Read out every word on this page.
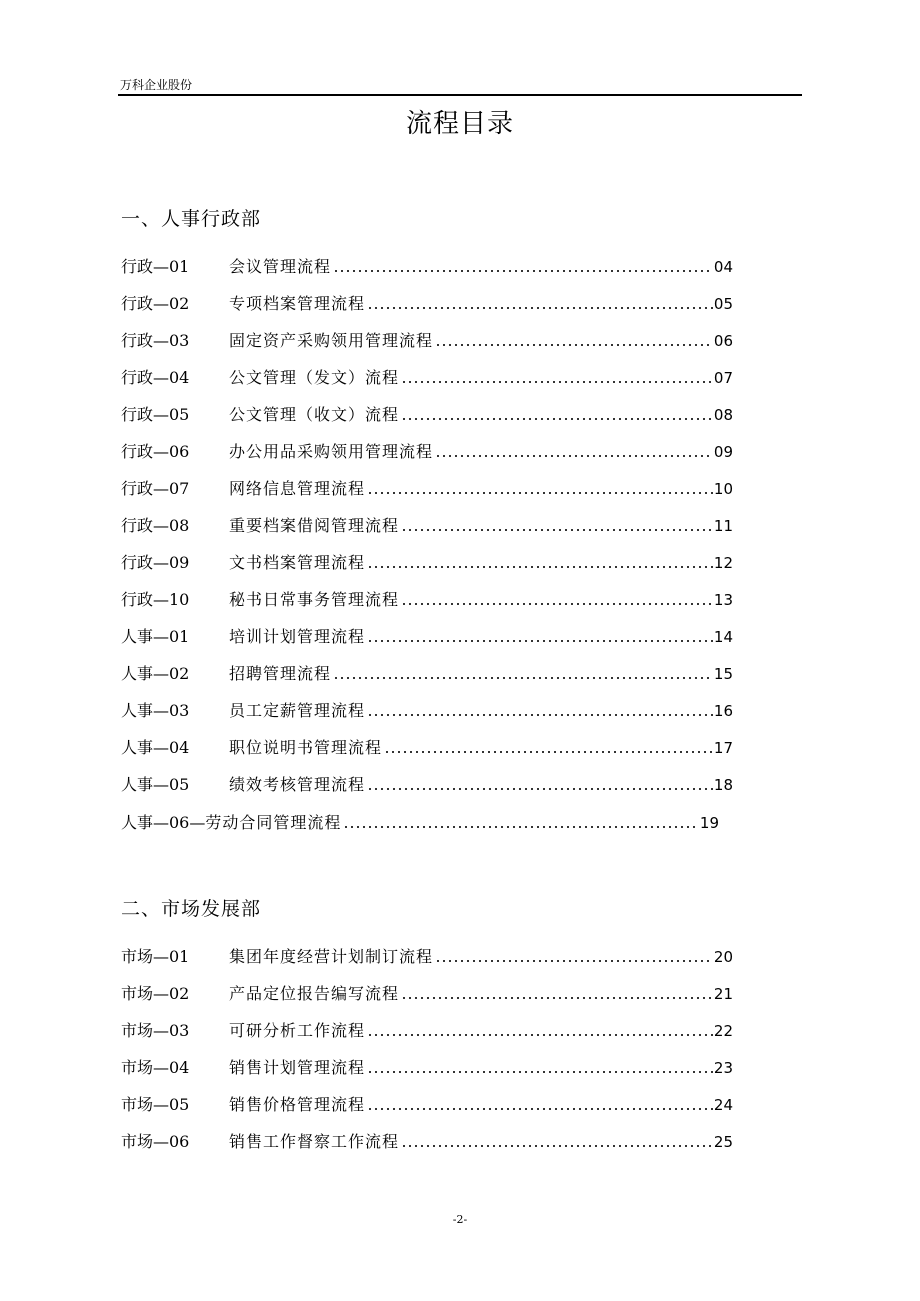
万科企业股份
流程目录
一、人事行政部
行政—01	会议管理流程	04
行政—02	专项档案管理流程	05
行政—03	固定资产采购领用管理流程	06
行政—04	公文管理（发文）流程	07
行政—05	公文管理（收文）流程	08
行政—06	办公用品采购领用管理流程	09
行政—07	网络信息管理流程	10
行政—08	重要档案借阅管理流程	11
行政—09	文书档案管理流程	12
行政—10	秘书日常事务管理流程	13
人事—01	培训计划管理流程	14
人事—02	招聘管理流程	15
人事—03	员工定薪管理流程	16
人事—04	职位说明书管理流程	17
人事—05	绩效考核管理流程	18
人事—06— 劳动合同管理流程	19
二、市场发展部
市场—01	集团年度经营计划制订流程	20
市场—02	产品定位报告编写流程	21
市场—03	可研分析工作流程	22
市场—04	销售计划管理流程	23
市场—05	销售价格管理流程	24
市场—06	销售工作督察工作流程	25
-2-
